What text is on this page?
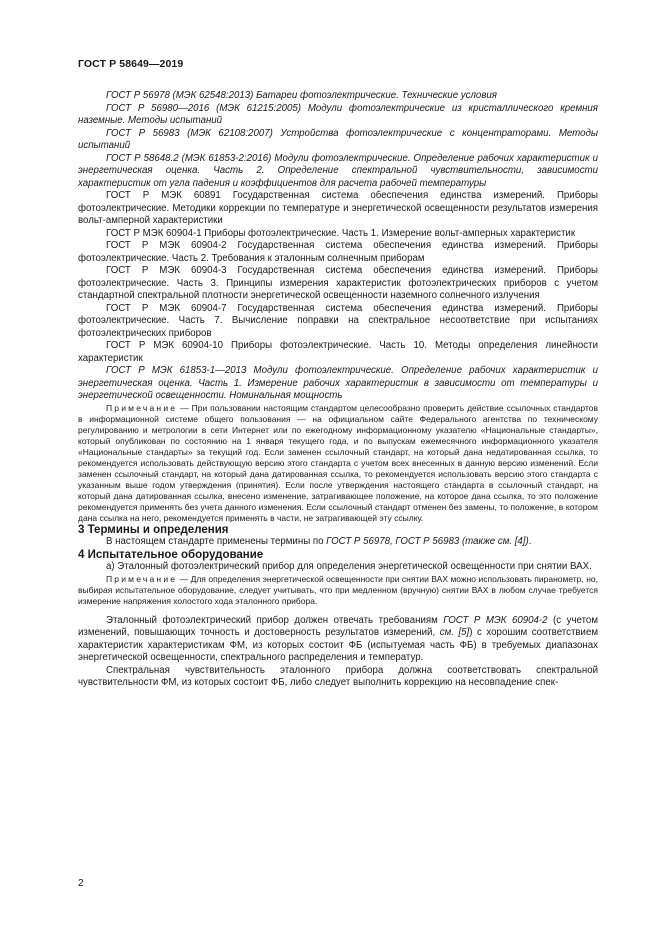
ГОСТ Р 58649—2019

ГОСТ Р 56978 (МЭК 62548:2013) Батареи фотоэлектрические. Технические условия

ГОСТ Р 56980—2016 (МЭК 61215:2005) Модули фотоэлектрические из кристаллического кремния наземные. Методы испытаний

ГОСТ Р 56983 (МЭК 62108:2007) Устройства фотоэлектрические с концентраторами. Методы испытаний

ГОСТ Р 58648.2 (МЭК 61853-2:2016) Модули фотоэлектрические. Определение рабочих характеристик и энергетическая оценка. Часть 2. Определение спектральной чувствительности, зависимости характеристик от угла падения и коэффициентов для расчета рабочей температуры

ГОСТ Р МЭК 60891 Государственная система обеспечения единства измерений. Приборы фотоэлектрические. Методики коррекции по температуре и энергетической освещенности результатов измерения вольт-амперной характеристики

ГОСТ Р МЭК 60904-1 Приборы фотоэлектрические. Часть 1. Измерение вольт-амперных характеристик

ГОСТ Р МЭК 60904-2 Государственная система обеспечения единства измерений. Приборы фотоэлектрические. Часть 2. Требования к эталонным солнечным приборам

ГОСТ Р МЭК 60904-3 Государственная система обеспечения единства измерений. Приборы фотоэлектрические. Часть 3. Принципы измерения характеристик фотоэлектрических приборов с учетом стандартной спектральной плотности энергетической освещенности наземного солнечного излучения

ГОСТ Р МЭК 60904-7 Государственная система обеспечения единства измерений. Приборы фотоэлектрические. Часть 7. Вычисление поправки на спектральное несоответствие при испытаниях фотоэлектрических приборов

ГОСТ Р МЭК 60904-10 Приборы фотоэлектрические. Часть 10. Методы определения линейности характеристик

ГОСТ Р МЭК 61853-1—2013 Модули фотоэлектрические. Определение рабочих характеристик и энергетическая оценка. Часть 1. Измерение рабочих характеристик в зависимости от температуры и энергетической освещенности. Номинальная мощность

Примечание — При пользовании настоящим стандартом целесообразно проверить действие ссылочных стандартов в информационной системе общего пользования — на официальном сайте Федерального агентства по техническому регулированию и метрологии в сети Интернет или по ежегодному информационному указателю «Национальные стандарты», который опубликован по состоянию на 1 января текущего года, и по выпускам ежемесячного информационного указателя «Национальные стандарты» за текущий год. Если заменен ссылочный стандарт, на который дана недатированная ссылка, то рекомендуется использовать действующую версию этого стандарта с учетом всех внесенных в данную версию изменений. Если заменен ссылочный стандарт, на который дана датированная ссылка, то рекомендуется использовать версию этого стандарта с указанным выше годом утверждения (принятия). Если после утверждения настоящего стандарта в ссылочный стандарт, на который дана датированная ссылка, внесено изменение, затрагивающее положение, на которое дана ссылка, то это положение рекомендуется применять без учета данного изменения. Если ссылочный стандарт отменен без замены, то положение, в котором дана ссылка на него, рекомендуется применять в части, не затрагивающей эту ссылку.

3 Термины и определения

В настоящем стандарте применены термины по ГОСТ Р 56978, ГОСТ Р 56983 (также см. [4]).

4 Испытательное оборудование

а) Эталонный фотоэлектрический прибор для определения энергетической освещенности при снятии ВАХ.

Примечание — Для определения энергетической освещенности при снятии ВАХ можно использовать пиранометр, но, выбирая испытательное оборудование, следует учитывать, что при медленном (вручную) снятии ВАХ в любом случае требуется измерение напряжения холостого хода эталонного прибора.

Эталонный фотоэлектрический прибор должен отвечать требованиям ГОСТ Р МЭК 60904-2 (с учетом изменений, повышающих точность и достоверность результатов измерений, см. [5]) с хорошим соответствием характеристик характеристикам ФМ, из которых состоит ФБ (испытуемая часть ФБ) в требуемых диапазонах энергетической освещенности, спектрального распределения и температур.

Спектральная чувствительность эталонного прибора должна соответствовать спектральной чувствительности ФМ, из которых состоит ФБ, либо следует выполнить коррекцию на несовпадение спек-

2
